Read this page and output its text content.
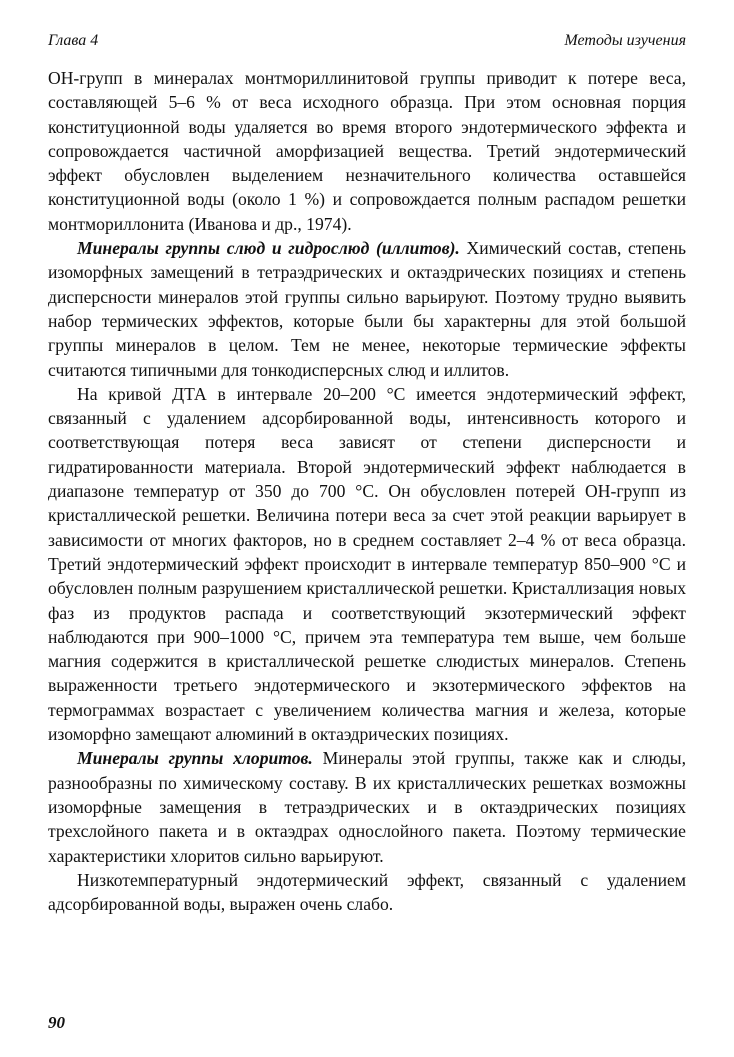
Глава 4	Методы изучения

ОН-групп в минералах монтмориллинитовой группы приводит к потере веса, составляющей 5–6 % от веса исходного образца. При этом основная порция конституционной воды удаляется во время второго эндотермического эффекта и сопровождается частичной аморфизацией вещества. Третий эндотермический эффект обусловлен выделением незначительного количества оставшейся конституционной воды (около 1 %) и сопровождается полным распадом решетки монтмориллонита (Иванова и др., 1974).

Минералы группы слюд и гидрослюд (иллитов). Химический состав, степень изоморфных замещений в тетраэдрических и октаэдрических позициях и степень дисперсности минералов этой группы сильно варьируют. Поэтому трудно выявить набор термических эффектов, которые были бы характерны для этой большой группы минералов в целом. Тем не менее, некоторые термические эффекты считаются типичными для тонкодисперсных слюд и иллитов.

На кривой ДТА в интервале 20–200 °С имеется эндотермический эффект, связанный с удалением адсорбированной воды, интенсивность которого и соответствующая потеря веса зависят от степени дисперсности и гидратированности материала. Второй эндотермический эффект наблюдается в диапазоне температур от 350 до 700 °С. Он обусловлен потерей ОН-групп из кристаллической решетки. Величина потери веса за счет этой реакции варьирует в зависимости от многих факторов, но в среднем составляет 2–4 % от веса образца. Третий эндотермический эффект происходит в интервале температур 850–900 °С и обусловлен полным разрушением кристаллической решетки. Кристаллизация новых фаз из продуктов распада и соответствующий экзотермический эффект наблюдаются при 900–1000 °С, причем эта температура тем выше, чем больше магния содержится в кристаллической решетке слюдистых минералов. Степень выраженности третьего эндотермического и экзотермического эффектов на термограммах возрастает с увеличением количества магния и железа, которые изоморфно замещают алюминий в октаэдрических позициях.

Минералы группы хлоритов. Минералы этой группы, также как и слюды, разнообразны по химическому составу. В их кристаллических решетках возможны изоморфные замещения в тетраэдрических и в октаэдрических позициях трехслойного пакета и в октаэдрах однослойного пакета. Поэтому термические характеристики хлоритов сильно варьируют.

Низкотемпературный эндотермический эффект, связанный с удалением адсорбированной воды, выражен очень слабо.

90
